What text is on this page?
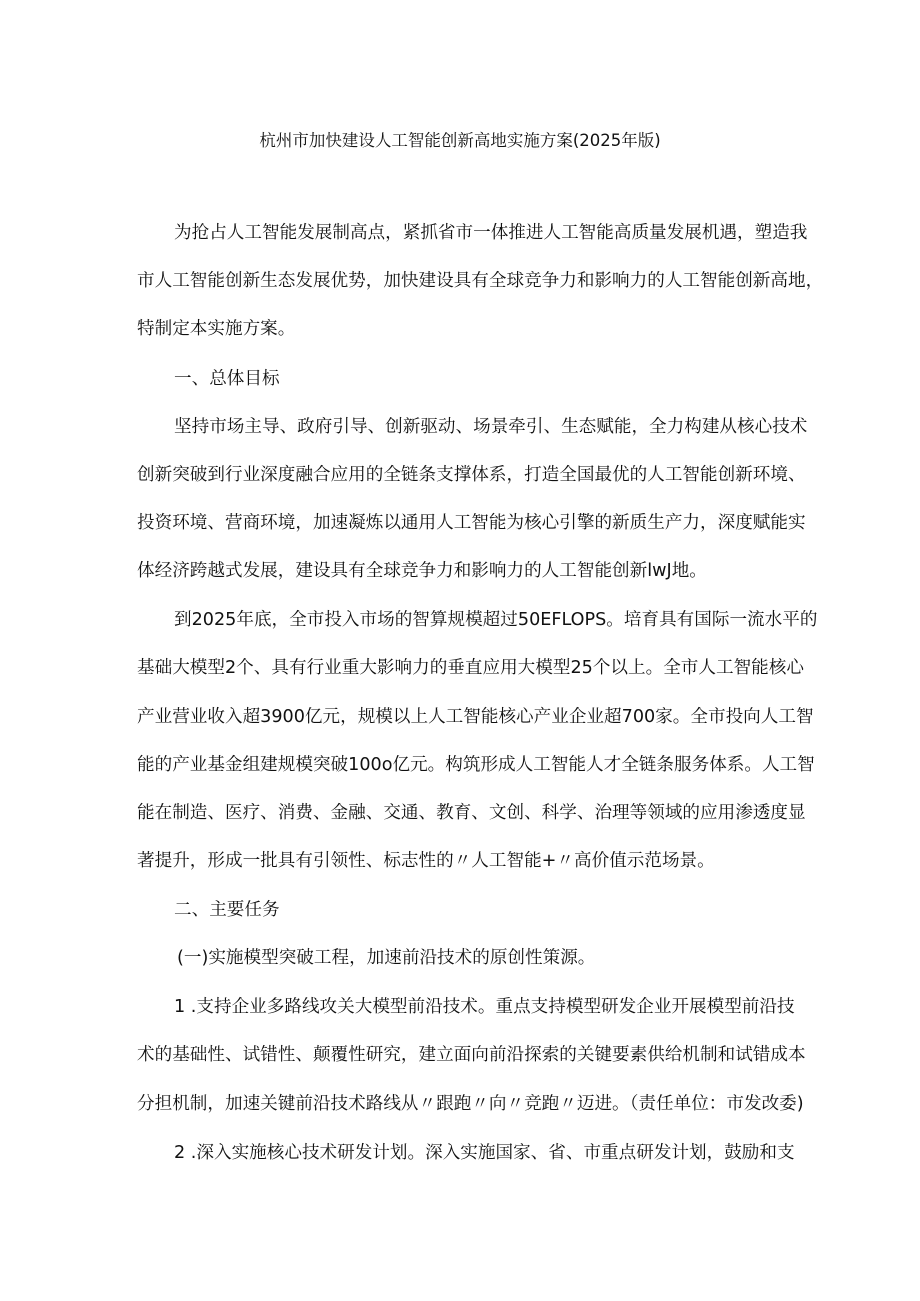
杭州市加快建设人工智能创新高地实施方案(2025年版)
为抢占人工智能发展制高点，紧抓省市一体推进人工智能高质量发展机遇，塑造我
市人工智能创新生态发展优势，加快建设具有全球竞争力和影响力的人工智能创新高地，
特制定本实施方案。
一、总体目标
坚持市场主导、政府引导、创新驱动、场景牵引、生态赋能，全力构建从核心技术
创新突破到行业深度融合应用的全链条支撑体系，打造全国最优的人工智能创新环境、
投资环境、营商环境，加速凝炼以通用人工智能为核心引擎的新质生产力，深度赋能实
体经济跨越式发展，建设具有全球竞争力和影响力的人工智能创新lwJ地。
到2025年底，全市投入市场的智算规模超过50EFLOPS。培育具有国际一流水平的
基础大模型2个、具有行业重大影响力的垂直应用大模型25个以上。全市人工智能核心
产业营业收入超3900亿元，规模以上人工智能核心产业企业超700家。全市投向人工智
能的产业基金组建规模突破100o亿元。构筑形成人工智能人才全链条服务体系。人工智
能在制造、医疗、消费、金融、交通、教育、文创、科学、治理等领域的应用渗透度显
著提升，形成一批具有引领性、标志性的〃人工智能+〃高价值示范场景。
二、主要任务
(一)实施模型突破工程，加速前沿技术的原创性策源。
1 .支持企业多路线攻关大模型前沿技术。重点支持模型研发企业开展模型前沿技
术的基础性、试错性、颠覆性研究，建立面向前沿探索的关键要素供给机制和试错成本
分担机制，加速关键前沿技术路线从〃跟跑〃向〃竞跑〃迈进。（责任单位：市发改委)
2 .深入实施核心技术研发计划。深入实施国家、省、市重点研发计划，鼓励和支
